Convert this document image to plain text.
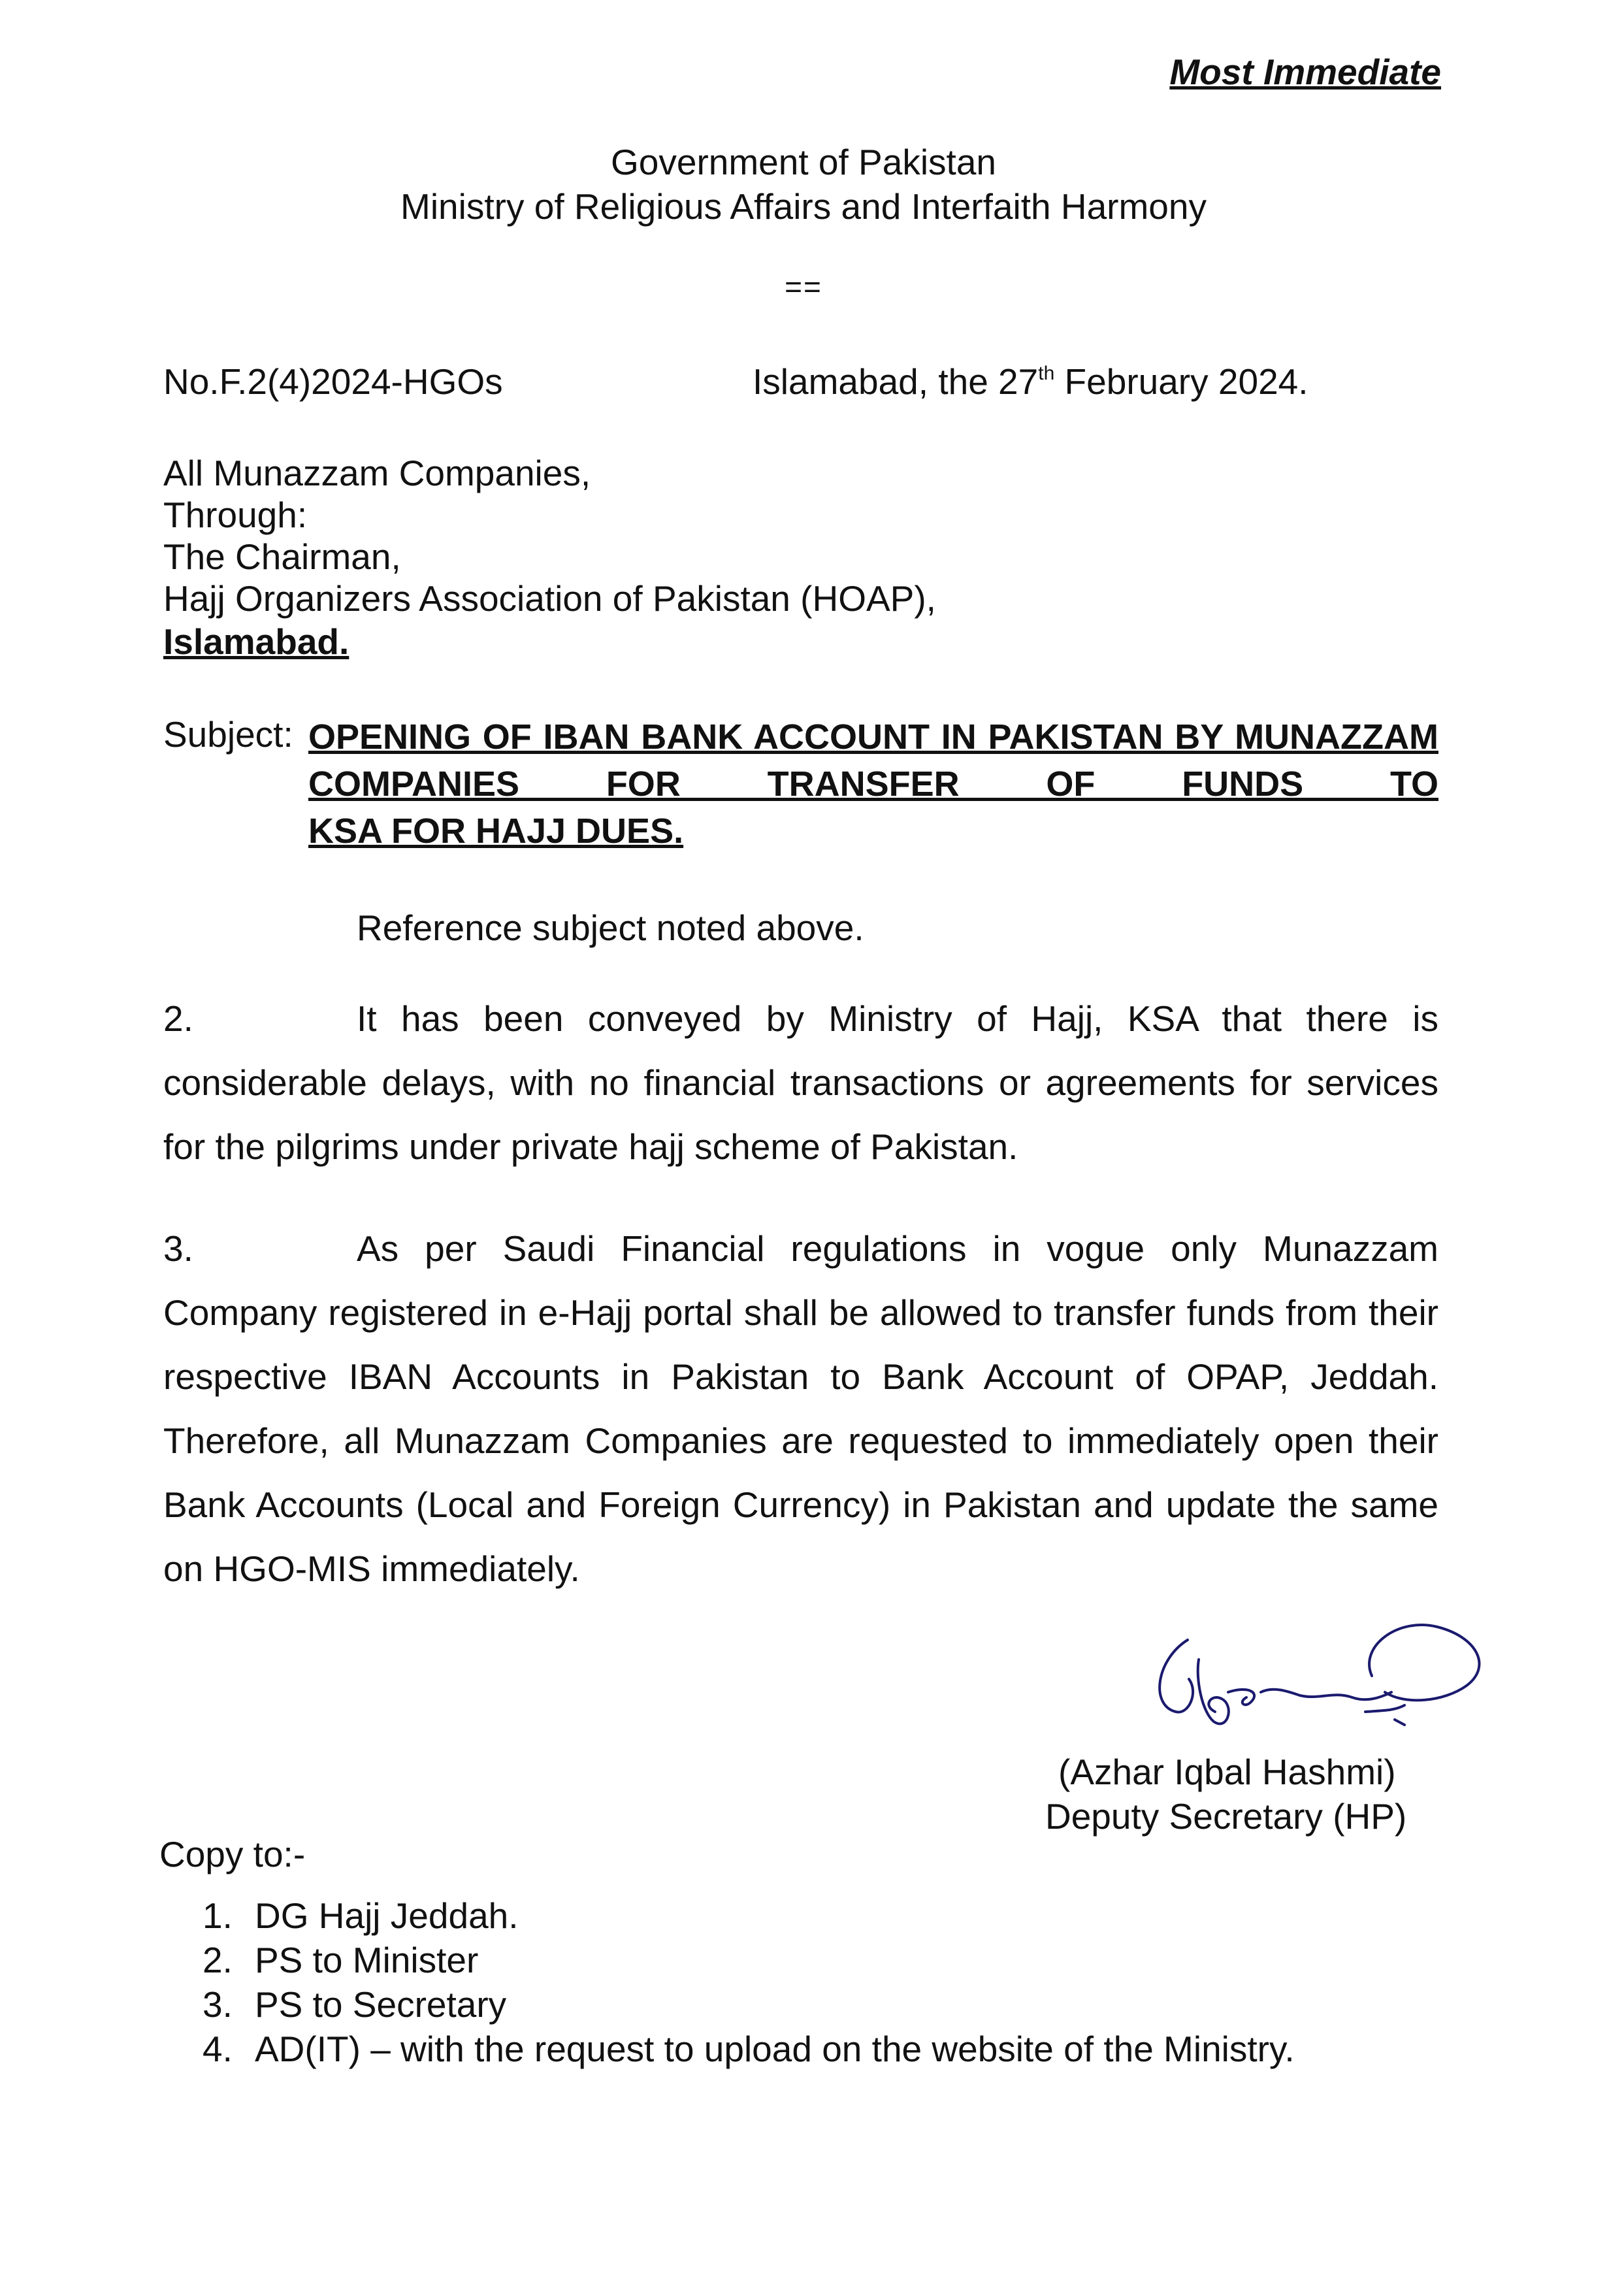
Most Immediate
Government of Pakistan
Ministry of Religious Affairs and Interfaith Harmony
==
No.F.2(4)2024-HGOs	Islamabad, the 27th February 2024.
All Munazzam Companies,
Through:
The Chairman,
Hajj Organizers Association of Pakistan (HOAP),
Islamabad.
Subject: OPENING OF IBAN BANK ACCOUNT IN PAKISTAN BY MUNAZZAM COMPANIES FOR TRANSFER OF FUNDS TO
KSA FOR HAJJ DUES.
Reference subject noted above.
2.	It has been conveyed by Ministry of Hajj, KSA that there is considerable delays, with no financial transactions or agreements for services for the pilgrims under private hajj scheme of Pakistan.
3.	As per Saudi Financial regulations in vogue only Munazzam Company registered in e-Hajj portal shall be allowed to transfer funds from their respective IBAN Accounts in Pakistan to Bank Account of OPAP, Jeddah. Therefore, all Munazzam Companies are requested to immediately open their Bank Accounts (Local and Foreign Currency) in Pakistan and update the same on HGO-MIS immediately.
(Azhar Iqbal Hashmi)
Deputy Secretary (HP)
Copy to:-
1. DG Hajj Jeddah.
2. PS to Minister
3. PS to Secretary
4. AD(IT) – with the request to upload on the website of the Ministry.
